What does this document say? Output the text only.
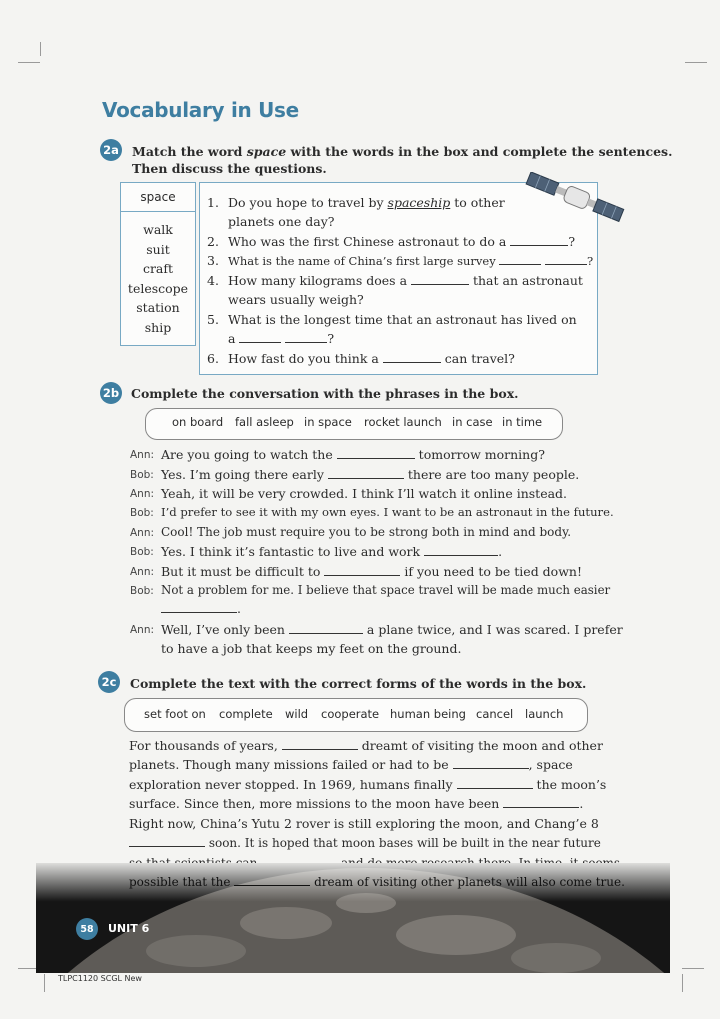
Vocabulary in Use
2a Match the word space with the words in the box and complete the sentences.
Then discuss the questions.
space
walk
suit
craft
telescope
station
ship
1. Do you hope to travel by spaceship to other
planets one day?
2. Who was the first Chinese astronaut to do a	?
3. What is the name of China’s first large survey	?
4. How many kilograms does a	that an astronaut
wears usually weigh?
5. What is the longest time that an astronaut has lived on
a	?
6. How fast do you think a	can travel?
2b Complete the conversation with the phrases in the box.
on board fall asleep in space rocket launch in case in time
Ann: Are you going to watch the	tomorrow morning?
Bob: Yes. I’m going there early	there are too many people.
Ann: Yeah, it will be very crowded. I think I’ll watch it online instead.
Bob: I’d prefer to see it with my own eyes. I want to be an astronaut in the future.
Ann: Cool! The job must require you to be strong both in mind and body.
Bob: Yes. I think it’s fantastic to live and work	.
Ann: But it must be difficult to	if you need to be tied down!
Bob: Not a problem for me. I believe that space travel will be made much easier
.
Ann: Well, I’ve only been	a plane twice, and I was scared. I prefer
to have a job that keeps my feet on the ground.
2c Complete the text with the correct forms of the words in the box.
set foot on complete wild cooperate human being cancel launch
For thousands of years,	dreamt of visiting the moon and other
planets. Though many missions failed or had to be	, space
exploration never stopped. In 1969, humans finally	the moon’s
surface. Since then, more missions to the moon have been	.
Right now, China’s Yutu 2 rover is still exploring the moon, and Chang’e 8
soon. It is hoped that moon bases will be built in the near future
possible that the	dream of visiting other planets will also come true.
58	UNIT 6
TLPC1120 SCGL New
